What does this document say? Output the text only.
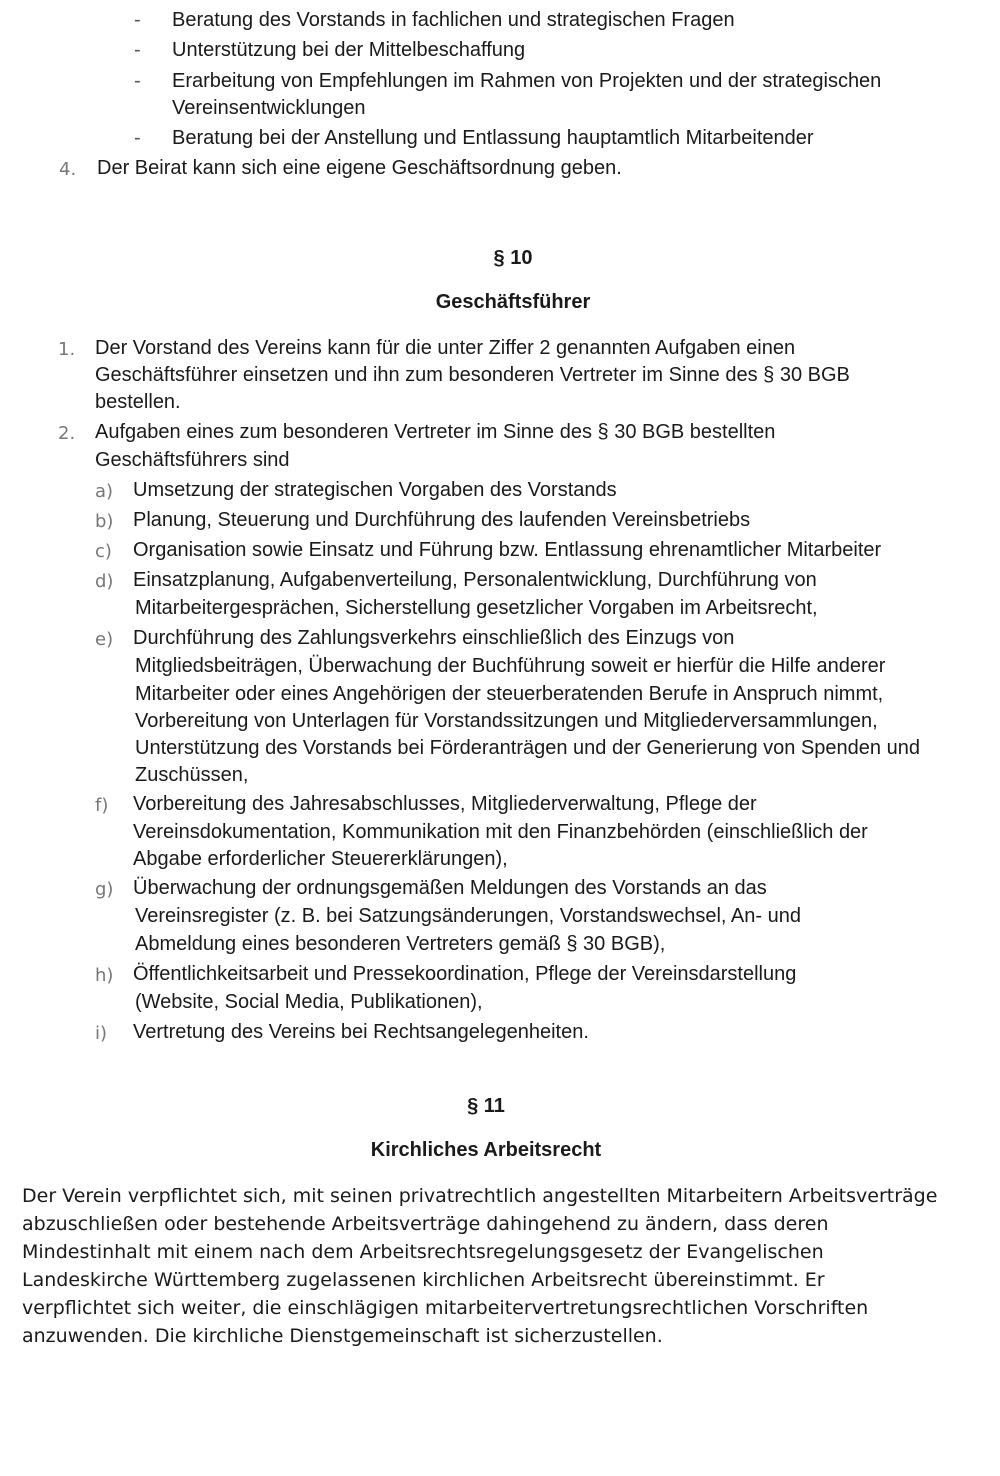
- Beratung des Vorstands in fachlichen und strategischen Fragen
- Unterstützung bei der Mittelbeschaffung
- Erarbeitung von Empfehlungen im Rahmen von Projekten und der strategischen
Vereinsentwicklungen
- Beratung bei der Anstellung und Entlassung hauptamtlich Mitarbeitender
4. Der Beirat kann sich eine eigene Geschäftsordnung geben.
§ 10
Geschäftsführer
1. Der Vorstand des Vereins kann für die unter Ziffer 2 genannten Aufgaben einen
Geschäftsführer einsetzen und ihn zum besonderen Vertreter im Sinne des § 30 BGB
bestellen.
2. Aufgaben eines zum besonderen Vertreter im Sinne des § 30 BGB bestellten
Geschäftsführers sind
a) Umsetzung der strategischen Vorgaben des Vorstands
b) Planung, Steuerung und Durchführung des laufenden Vereinsbetriebs
c) Organisation sowie Einsatz und Führung bzw. Entlassung ehrenamtlicher Mitarbeiter
d) Einsatzplanung, Aufgabenverteilung, Personalentwicklung, Durchführung von
Mitarbeitergesprächen, Sicherstellung gesetzlicher Vorgaben im Arbeitsrecht,
e) Durchführung des Zahlungsverkehrs einschließlich des Einzugs von
Mitgliedsbeiträgen, Überwachung der Buchführung soweit er hierfür die Hilfe anderer
Mitarbeiter oder eines Angehörigen der steuerberatenden Berufe in Anspruch nimmt,
Vorbereitung von Unterlagen für Vorstandssitzungen und Mitgliederversammlungen,
Unterstützung des Vorstands bei Förderanträgen und der Generierung von Spenden und
Zuschüssen,
f) Vorbereitung des Jahresabschlusses, Mitgliederverwaltung, Pflege der
Vereinsdokumentation, Kommunikation mit den Finanzbehörden (einschließlich der
Abgabe erforderlicher Steuererklärungen),
g) Überwachung der ordnungsgemäßen Meldungen des Vorstands an das
Vereinsregister (z. B. bei Satzungsänderungen, Vorstandswechsel, An- und
Abmeldung eines besonderen Vertreters gemäß § 30 BGB),
h) Öffentlichkeitsarbeit und Pressekoordination, Pflege der Vereinsdarstellung
(Website, Social Media, Publikationen),
i) Vertretung des Vereins bei Rechtsangelegenheiten.
§ 11
Kirchliches Arbeitsrecht

Der Verein verpflichtet sich, mit seinen privatrechtlich angestellten Mitarbeitern Arbeitsverträge

abzuschließen oder bestehende Arbeitsverträge dahingehend zu ändern, dass deren

Mindestinhalt mit einem nach dem Arbeitsrechtsregelungsgesetz der Evangelischen

Landeskirche Württemberg zugelassenen kirchlichen Arbeitsrecht übereinstimmt. Er

verpflichtet sich weiter, die einschlägigen mitarbeitervertretungsrechtlichen Vorschriften

anzuwenden. Die kirchliche Dienstgemeinschaft ist sicherzustellen.
